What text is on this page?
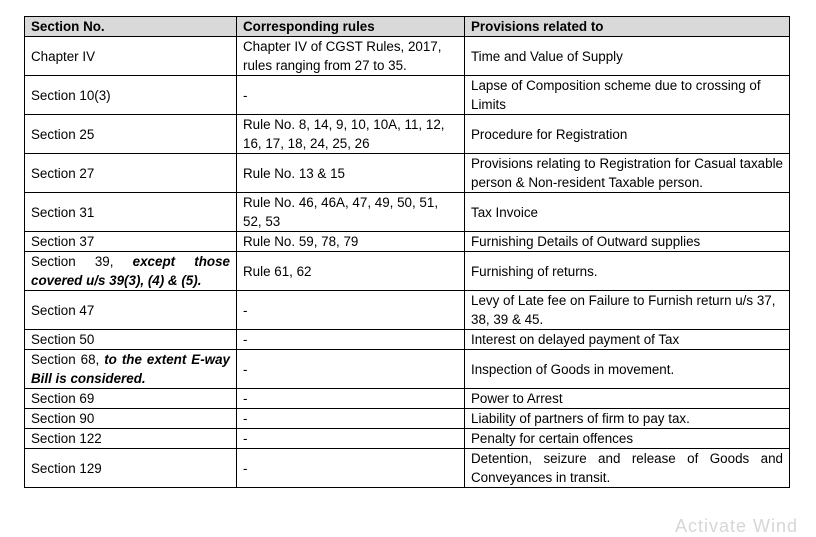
Section No.	Corresponding rules	Provisions related to
Chapter IV	Chapter IV of CGST Rules, 2017, rules ranging from 27 to 35.	Time and Value of Supply
Section 10(3)	-	Lapse of Composition scheme due to crossing of Limits
Section 25	Rule No. 8, 14, 9, 10, 10A, 11, 12, 16, 17, 18, 24, 25, 26	Procedure for Registration
Section 27	Rule No. 13 & 15	Provisions relating to Registration for Casual taxable person & Non-resident Taxable person.
Section 31	Rule No. 46, 46A, 47, 49, 50, 51, 52, 53	Tax Invoice
Section 37	Rule No. 59, 78, 79	Furnishing Details of Outward supplies
Section 39, except those covered u/s 39(3), (4) & (5).	Rule 61, 62	Furnishing of returns.
Section 47	-	Levy of Late fee on Failure to Furnish return u/s 37, 38, 39 & 45.
Section 50	-	Interest on delayed payment of Tax
Section 68, to the extent E-way Bill is considered.	-	Inspection of Goods in movement.
Section 69	-	Power to Arrest
Section 90	-	Liability of partners of firm to pay tax.
Section 122	-	Penalty for certain offences
Section 129	-	Detention, seizure and release of Goods and Conveyances in transit.
Activate Wind
